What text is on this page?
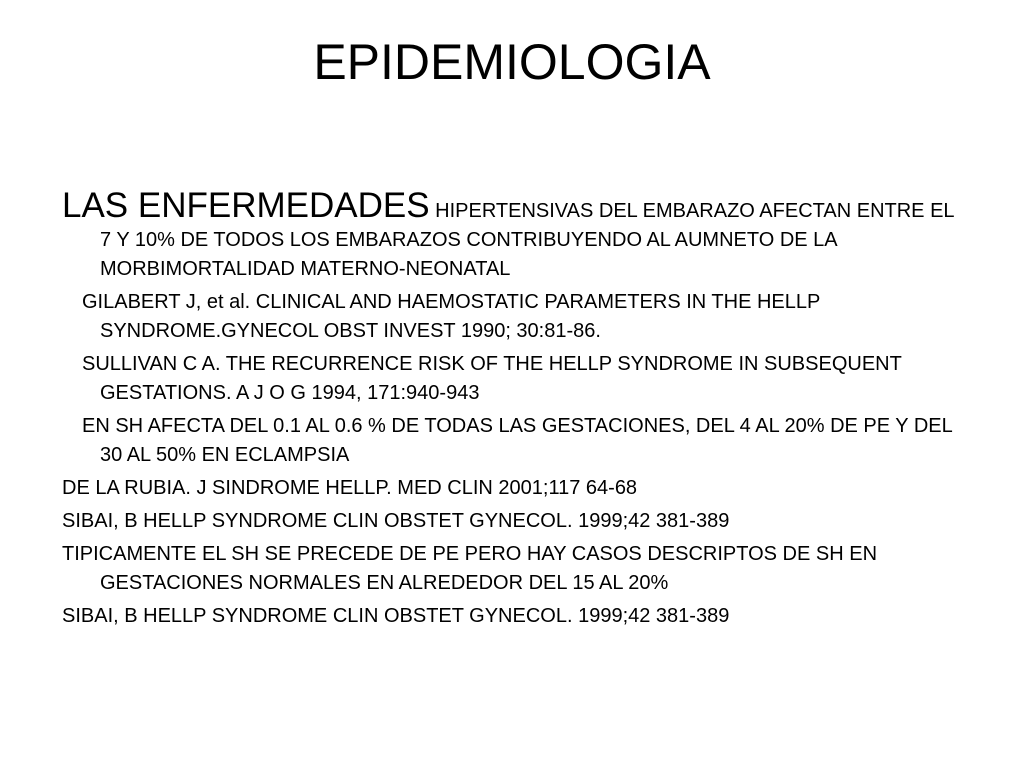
EPIDEMIOLOGIA

LAS ENFERMEDADES HIPERTENSIVAS DEL EMBARAZO AFECTAN ENTRE EL 7 Y 10% DE TODOS LOS EMBARAZOS CONTRIBUYENDO AL AUMNETO DE LA MORBIMORTALIDAD MATERNO-NEONATAL

GILABERT J, et al. CLINICAL AND HAEMOSTATIC PARAMETERS IN THE HELLP SYNDROME.GYNECOL OBST INVEST 1990; 30:81-86.

SULLIVAN C A. THE RECURRENCE RISK OF THE HELLP SYNDROME IN SUBSEQUENT GESTATIONS. A J O G 1994, 171:940-943

EN SH AFECTA DEL 0.1 AL 0.6 % DE TODAS LAS GESTACIONES, DEL 4 AL 20% DE PE Y DEL 30 AL 50% EN ECLAMPSIA

DE LA RUBIA. J SINDROME HELLP. MED CLIN 2001;117 64-68

SIBAI, B HELLP SYNDROME CLIN OBSTET GYNECOL. 1999;42 381-389

TIPICAMENTE EL SH SE PRECEDE DE PE PERO HAY CASOS DESCRIPTOS DE SH EN GESTACIONES NORMALES EN ALREDEDOR DEL 15 AL 20%

SIBAI, B HELLP SYNDROME CLIN OBSTET GYNECOL. 1999;42 381-389
